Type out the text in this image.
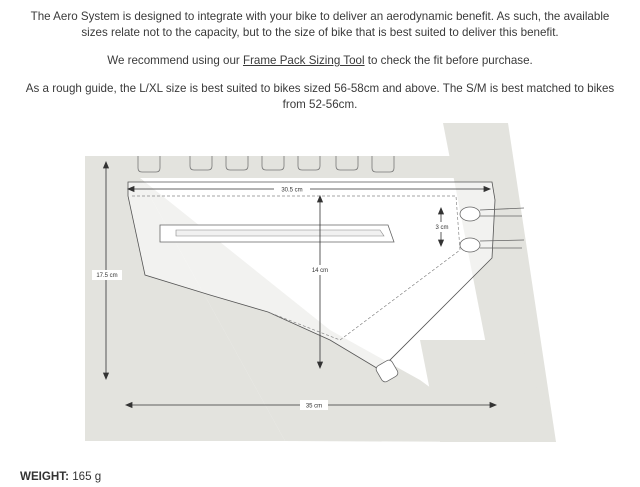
The Aero System is designed to integrate with your bike to deliver an aerodynamic benefit. As such, the available sizes relate not to the capacity, but to the size of bike that is best suited to deliver this benefit.

We recommend using our Frame Pack Sizing Tool to check the fit before purchase.

As a rough guide, the L/XL size is best suited to bikes sized 56-58cm and above. The S/M is best matched to bikes from 52-56cm.

30.5 cm
17.5 cm
14 cm
3 cm
35 cm
WEIGHT: 165 g
